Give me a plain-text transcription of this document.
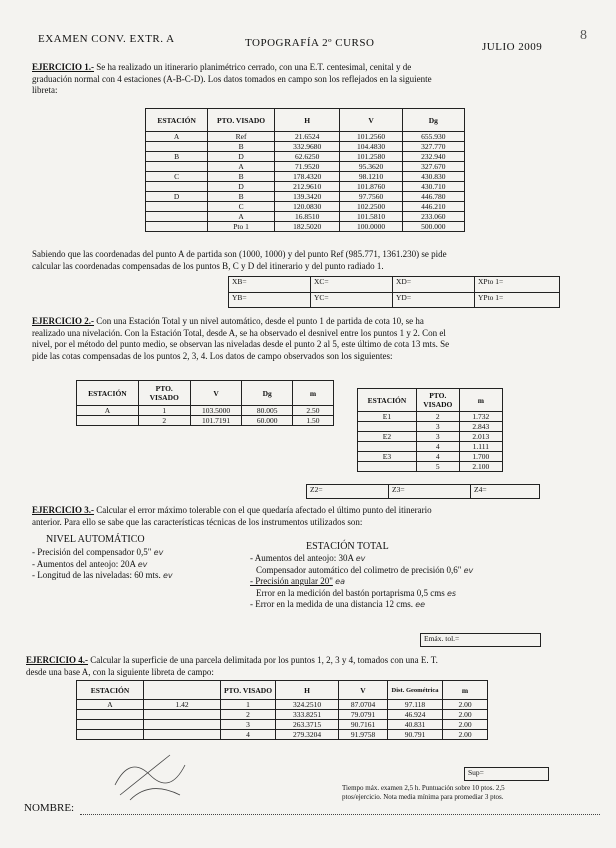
EXAMEN CONV. EXTR. A	TOPOGRAFÍA 2º CURSO	JULIO 2009
8
EJERCICIO 1.- Se ha realizado un itinerario planimétrico cerrado, con una E.T. centesimal, cenital y de
graduación normal con 4 estaciones (A-B-C-D). Los datos tomados en campo son los reflejados en la siguiente
libreta:
ESTACIÓN	PTO. VISADO	H	V	Dg
A	Ref	21.6524	101.2560	655.930
	B	332.9680	104.4830	327.770
B	D	62.6250	101.2580	232.940
	A	71.9520	95.3620	327.670
C	B	178.4320	98.1210	430.830
	D	212.9610	101.8760	430.710
D	B	139.3420	97.7560	446.780
	C	120.0830	102.2500	446.210
	A	16.8510	101.5810	233.060
	Pto 1	182.5020	100.0000	500.000
Sabiendo que las coordenadas del punto A de partida son (1000, 1000) y del punto Ref (985.771, 1361.230) se pide
calcular las coordenadas compensadas de los puntos B, C y D del itinerario y del punto radiado 1.
XB=	XC=	XD=	XPto 1=
YB=	YC=	YD=	YPto 1=
EJERCICIO 2.- Con una Estación Total y un nivel automático, desde el punto 1 de partida de cota 10, se ha
realizado una nivelación. Con la Estación Total, desde A, se ha observado el desnivel entre los puntos 1 y 2. Con el
nivel, por el método del punto medio, se observan las niveladas desde el punto 2 al 5, este último de cota 13 mts. Se
pide las cotas compensadas de los puntos 2, 3, 4. Los datos de campo observados son los siguientes:
ESTACIÓN	PTO. VISADO	V	Dg	m
A	1	103.5000	80.005	2.50
	2	101.7191	60.000	1.50
ESTACIÓN	PTO. VISADO	m
E1	2	1.732
	3	2.843
E2	3	2.013
	4	1.111
E3	4	1.700
	5	2.100
Z2=	Z3=	Z4=
EJERCICIO 3.- Calcular el error máximo tolerable con el que quedaría afectado el último punto del itinerario
anterior. Para ello se sabe que las características técnicas de los instrumentos utilizados son:
NIVEL AUTOMÁTICO
- Precisión del compensador 0,5" ev
- Aumentos del anteojo: 20A ev
- Longitud de las niveladas: 60 mts. ev
ESTACIÓN TOTAL
- Aumentos del anteojo: 30A ev
Compensador automático del colimetro de precisión 0,6" ev
- Precisión angular 20" ea
Error en la medición del bastón portaprisma 0,5 cms es
- Error en la medida de una distancia 12 cms. ee
Emáx. tol.=
EJERCICIO 4.- Calcular la superficie de una parcela delimitada por los puntos 1, 2, 3 y 4, tomados con una E. T.
desde una base A, con la siguiente libreta de campo:
ESTACIÓN		PTO. VISADO	H	V	Dist. Geométrica	m
A	1.42	1	324.2510	87.0704	97.118	2.00
		2	333.8251	79.0791	46.924	2.00
		3	263.3715	90.7161	40.831	2.00
		4	279.3204	91.9758	90.791	2.00
Sup=
Tiempo máx. examen 2,5 h. Puntuación sobre 10 ptos. 2,5
ptos/ejercicio. Nota media mínima para promediar 3 ptos.
NOMBRE:
